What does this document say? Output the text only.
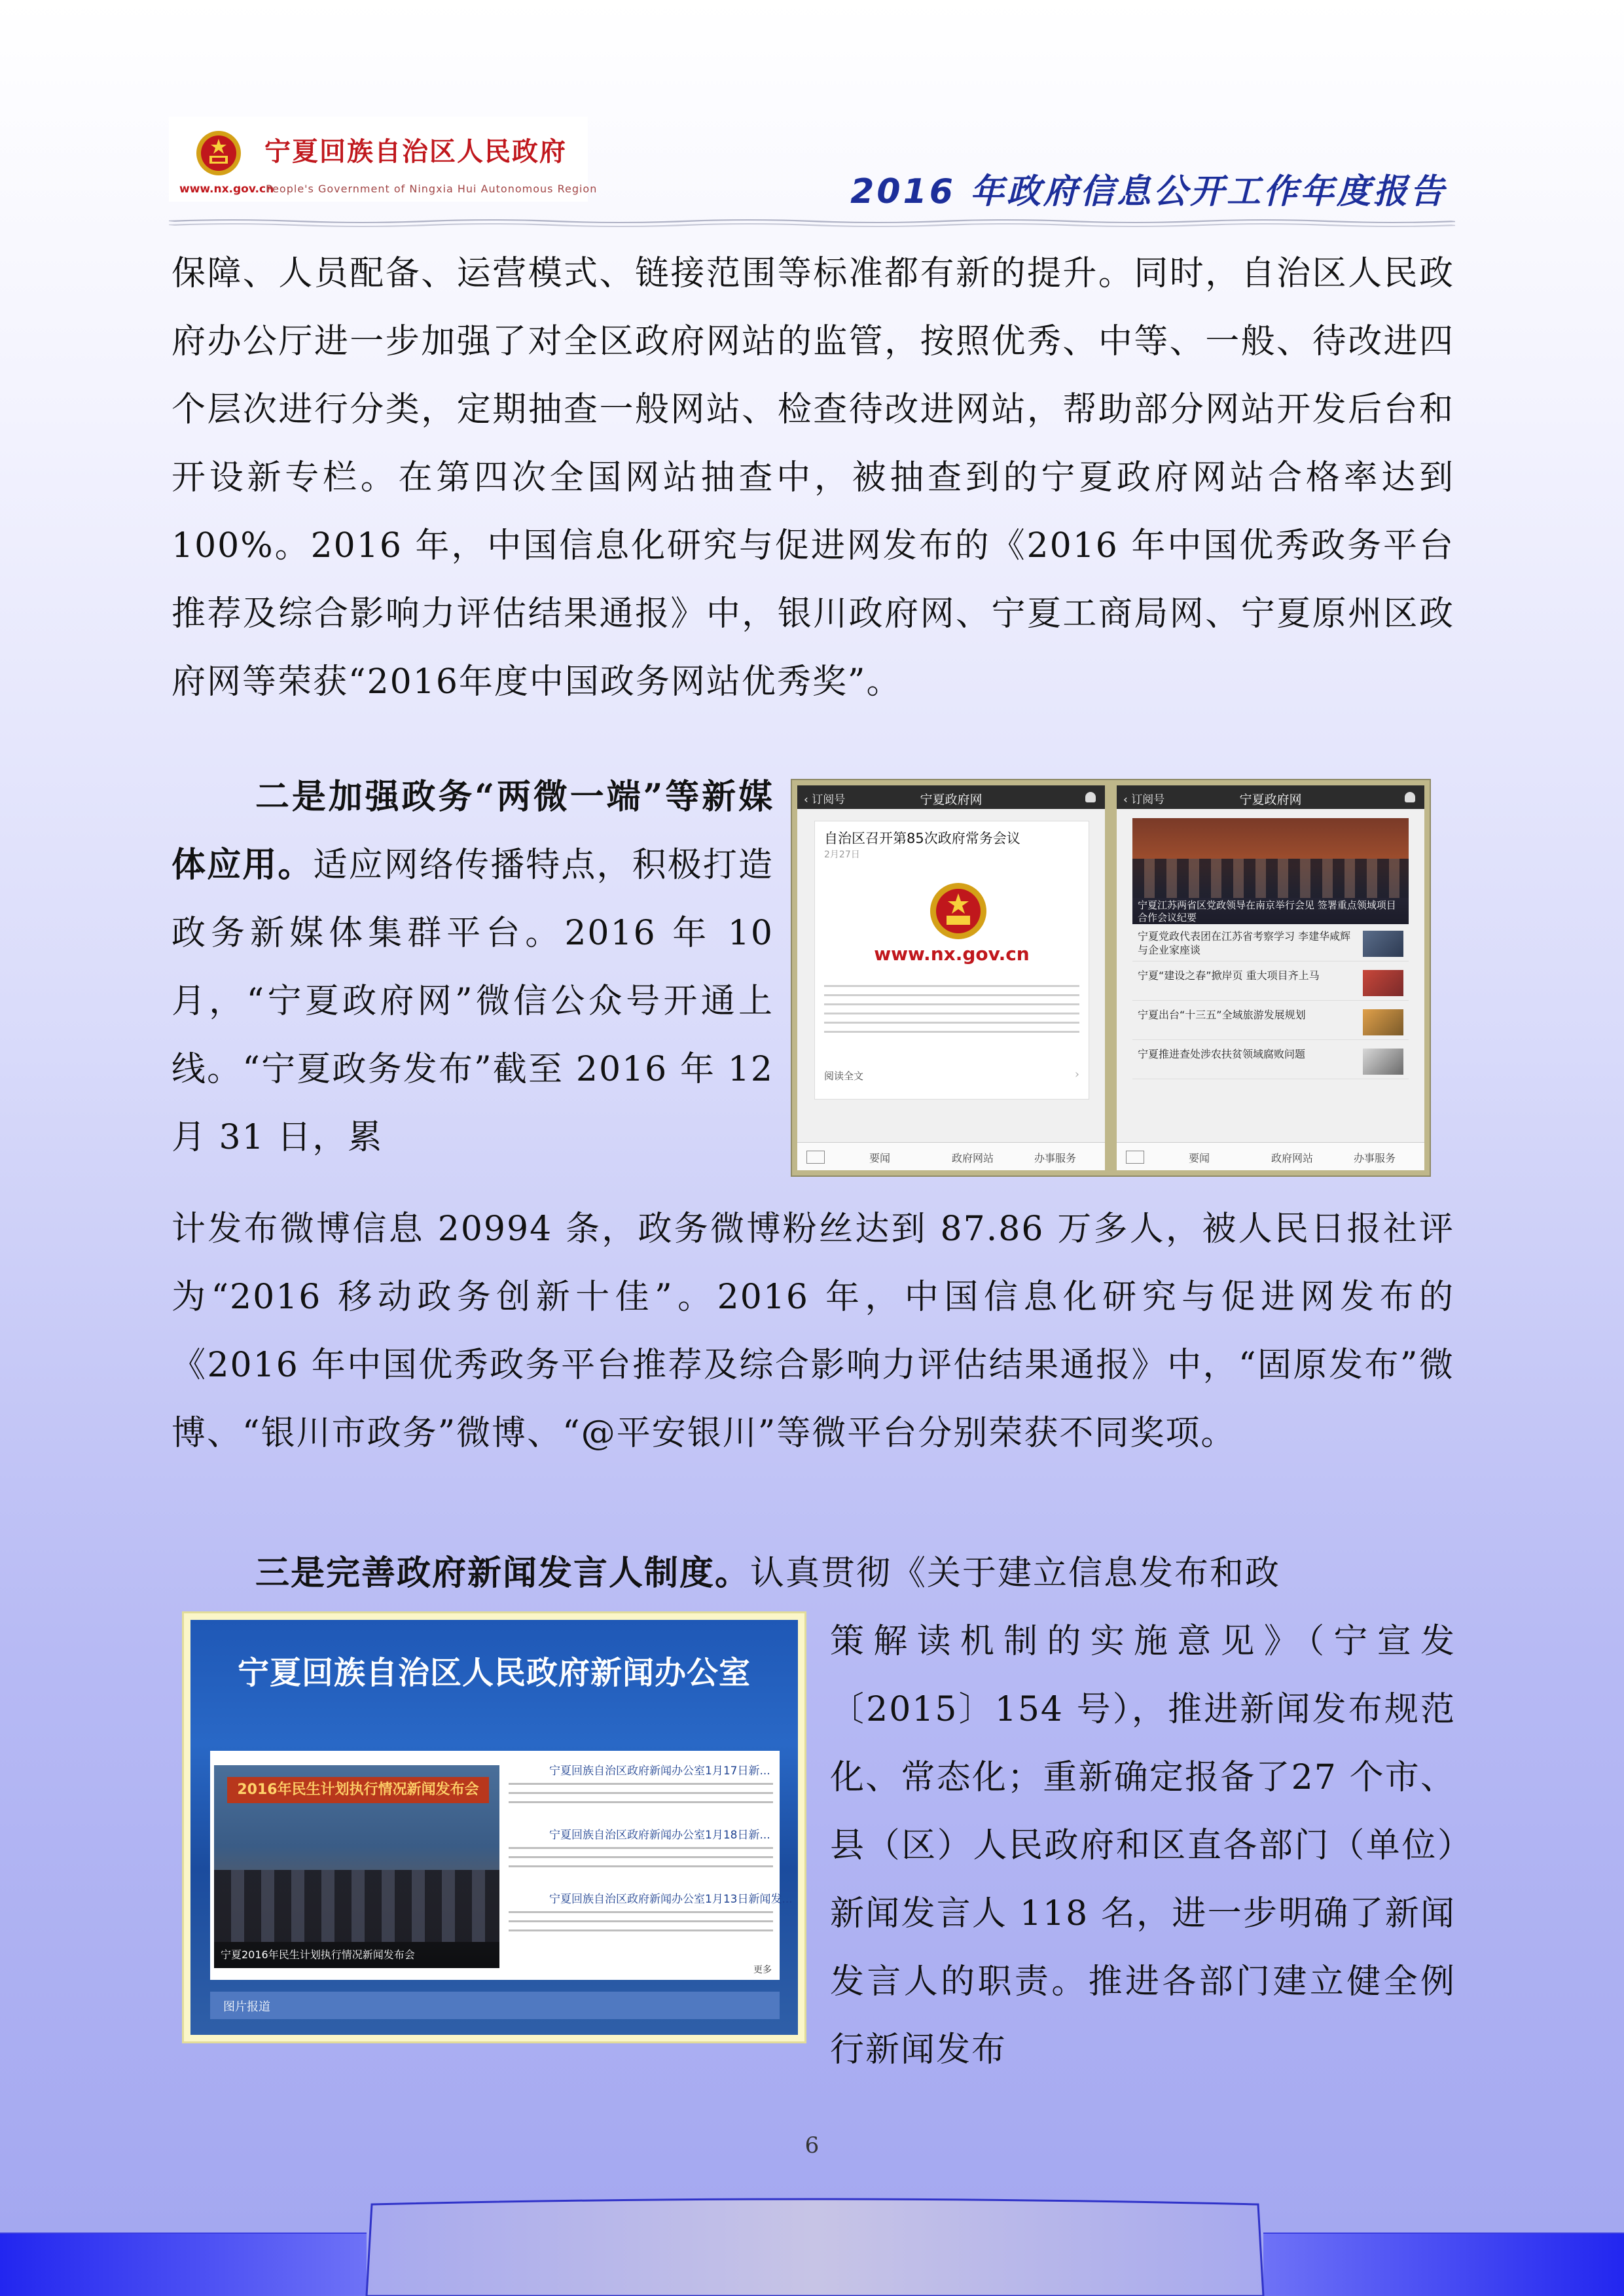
宁夏回族自治区人民政府
www.nx.gov.cn
People's Government of Ningxia Hui Autonomous Region	2016 年政府信息公开工作年度报告

保障、人员配备、运营模式、链接范围等标准都有新的提升。同时，自治区人民政府办公厅进一步加强了对全区政府网站的监管，按照优秀、中等、一般、待改进四个层次进行分类，定期抽查一般网站、检查待改进网站，帮助部分网站开发后台和开设新专栏。在第四次全国网站抽查中，被抽查到的宁夏政府网站合格率达到 100%。2016 年，中国信息化研究与促进网发布的《2016 年中国优秀政务平台推荐及综合影响力评估结果通报》中，银川政府网、宁夏工商局网、宁夏原州区政府网等荣获“2016年度中国政务网站优秀奖”。

二是加强政务“两微一端”等新媒体应用。适应网络传播特点，积极打造政务新媒体集群平台。2016 年 10 月，“宁夏政府网”微信公众号开通上线。“宁夏政务发布”截至 2016 年 12 月 31 日，累

计发布微博信息 20994 条，政务微博粉丝达到 87.86 万多人，被人民日报社评为“2016 移动政务创新十佳”。2016 年，中国信息化研究与促进网发布的《2016 年中国优秀政务平台推荐及综合影响力评估结果通报》中，“固原发布”微博、“银川市政务”微博、“@平安银川”等微平台分别荣获不同奖项。

三是完善政府新闻发言人制度。认真贯彻《关于建立信息发布和政

策解读机制的实施意见》（宁宣发〔2015〕154 号），推进新闻发布规范化、常态化；重新确定报备了27 个市、县（区）人民政府和区直各部门（单位）新闻发言人 118 名，进一步明确了新闻发言人的职责。推进各部门建立健全例行新闻发布

‹ 订阅号	宁夏政府网
自治区召开第85次政府常务会议
2月27日
www.nx.gov.cn
阅读全文	›
要闻	政府网站	办事服务
‹ 订阅号	宁夏政府网
宁夏江苏两省区党政领导在南京举行会见 签署重点领域项目合作会议纪要
宁夏党政代表团在江苏省考察学习 李建华咸辉与企业家座谈
宁夏“建设之春”掀岸页 重大项目齐上马
宁夏出台“十三五”全域旅游发展规划
宁夏推进查处涉农扶贫领域腐败问题
要闻	政府网站	办事服务
宁夏回族自治区人民政府新闻办公室
2016年民生计划执行情况新闻发布会
宁夏2016年民生计划执行情况新闻发布会
宁夏回族自治区政府新闻办公室1月17日新...
宁夏回族自治区政府新闻办公室1月18日新...
宁夏回族自治区政府新闻办公室1月13日新闻发...
更多
图片报道
6
